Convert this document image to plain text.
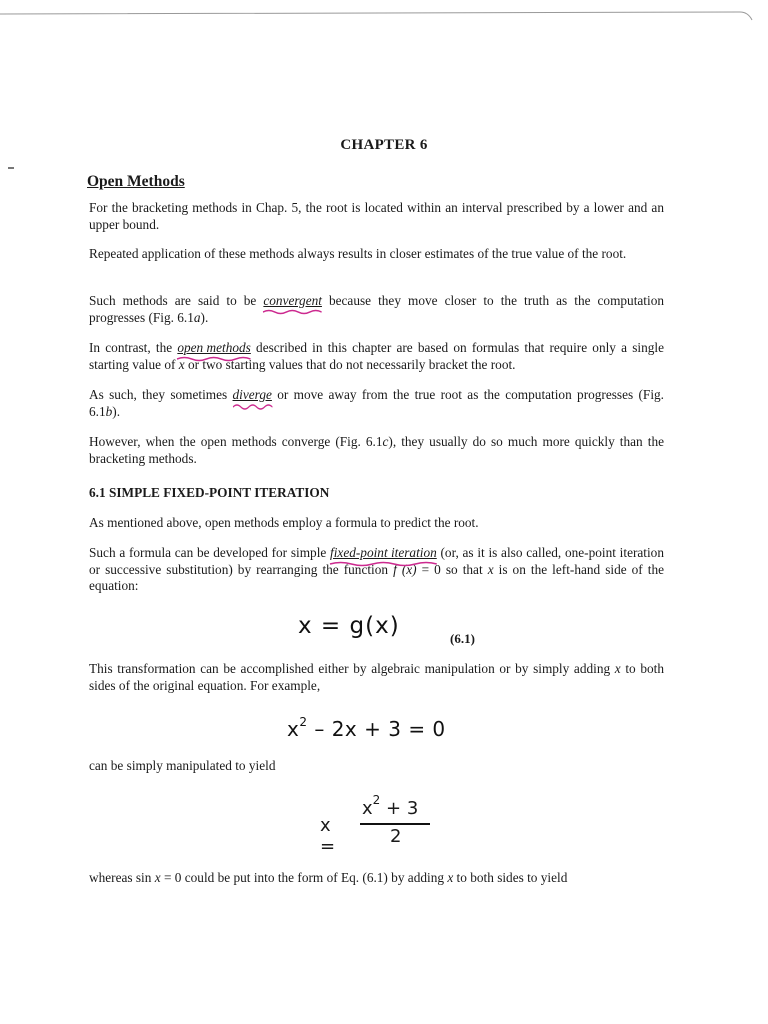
CHAPTER 6
Open Methods
For the bracketing methods in Chap. 5, the root is located within an interval prescribed by a lower and an upper bound.
Repeated application of these methods always results in closer estimates of the true value of the root.
Such methods are said to be convergent
because they move closer to the truth as the computation progresses (Fig. 6.1a).
In contrast, the open methods
described in this chapter are based on formulas that require only a single starting value of x or two starting values that do not necessarily bracket the root.
As such, they sometimes diverge
or move away from the true root as the computation progresses (Fig. 6.1b).
However, when the open methods converge (Fig. 6.1c), they usually do so much more quickly than the bracketing methods.
6.1 SIMPLE FIXED-POINT ITERATION
As mentioned above, open methods employ a formula to predict the root.
Such a formula can be developed for simple fixed-point iteration
(or, as it is also called, one-point iteration or successive substitution) by rearranging the function f (x) = 0 so that x is on the left-hand side of the equation:
x = g(x)	(6.1)
This transformation can be accomplished either by algebraic manipulation or by simply adding x to both sides of the original equation. For example,
$x^2 - 2x + 3 = 0$
can be simply manipulated to yield
x =
$x^2 + 3$
2
whereas sin x = 0 could be put into the form of Eq. (6.1) by adding x to both sides to yield
